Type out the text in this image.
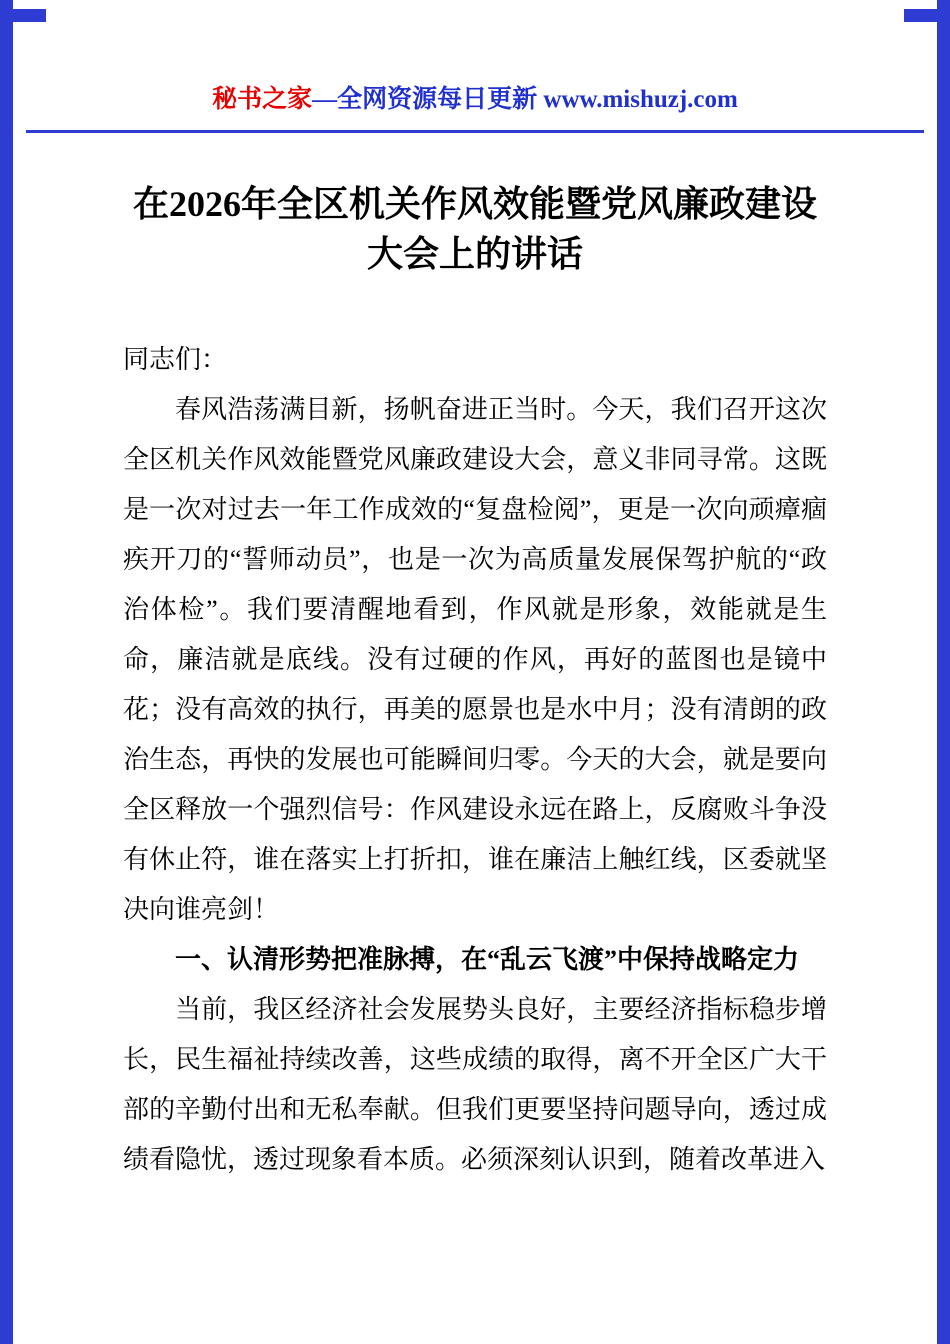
秘书之家—全网资源每日更新 www.mishuzj.com
在2026年全区机关作风效能暨党风廉政建设
大会上的讲话

同志们：

春风浩荡满目新，扬帆奋进正当时。今天，我们召开这次全区机关作风效能暨党风廉政建设大会，意义非同寻常。这既是一次对过去一年工作成效的“复盘检阅”，更是一次向顽瘴痼疾开刀的“誓师动员”，也是一次为高质量发展保驾护航的“政治体检”。我们要清醒地看到，作风就是形象，效能就是生命，廉洁就是底线。没有过硬的作风，再好的蓝图也是镜中花；没有高效的执行，再美的愿景也是水中月；没有清朗的政治生态，再快的发展也可能瞬间归零。今天的大会，就是要向全区释放一个强烈信号：作风建设永远在路上，反腐败斗争没有休止符，谁在落实上打折扣，谁在廉洁上触红线，区委就坚决向谁亮剑！

一、认清形势把准脉搏，在“乱云飞渡”中保持战略定力

当前，我区经济社会发展势头良好，主要经济指标稳步增长，民生福祉持续改善，这些成绩的取得，离不开全区广大干部的辛勤付出和无私奉献。但我们更要坚持问题导向，透过成绩看隐忧，透过现象看本质。必须深刻认识到，随着改革进入
